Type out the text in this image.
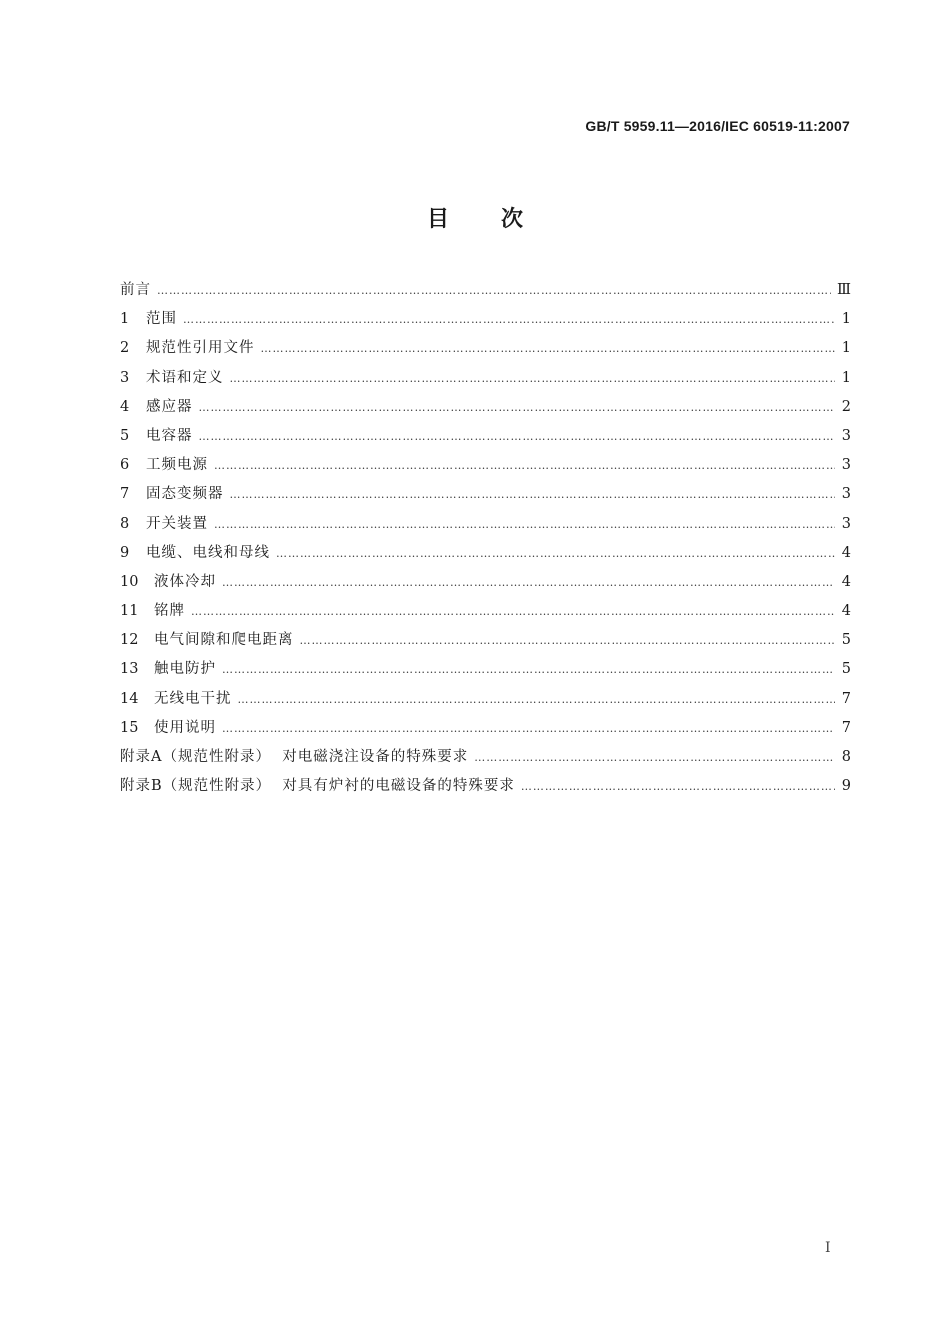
GB/T 5959.11—2016/IEC 60519-11:2007
目 次
前言 ………………………………………………………………………………………………………………………………………………………………………………………………………………………………………………	Ⅲ
1	范围 ………………………………………………………………………………………………………………………………………………………………………………………………………………………………………………	1
2	规范性引用文件 ………………………………………………………………………………………………………………………………………………………………………………………………………………………………………………	1
3	术语和定义 ………………………………………………………………………………………………………………………………………………………………………………………………………………………………………………	1
4	感应器 ………………………………………………………………………………………………………………………………………………………………………………………………………………………………………………	2
5	电容器 ………………………………………………………………………………………………………………………………………………………………………………………………………………………………………………	3
6	工频电源 ………………………………………………………………………………………………………………………………………………………………………………………………………………………………………………	3
7	固态变频器 ………………………………………………………………………………………………………………………………………………………………………………………………………………………………………………	3
8	开关装置 ………………………………………………………………………………………………………………………………………………………………………………………………………………………………………………	3
9	电缆、电线和母线 ………………………………………………………………………………………………………………………………………………………………………………………………………………………………………………	4
10	液体冷却 ………………………………………………………………………………………………………………………………………………………………………………………………………………………………………………	4
11	铭牌 ………………………………………………………………………………………………………………………………………………………………………………………………………………………………………………	4
12	电气间隙和爬电距离 ………………………………………………………………………………………………………………………………………………………………………………………………………………………………………………	5
13	触电防护 ………………………………………………………………………………………………………………………………………………………………………………………………………………………………………………	5
14	无线电干扰 ………………………………………………………………………………………………………………………………………………………………………………………………………………………………………………	7
15	使用说明 ………………………………………………………………………………………………………………………………………………………………………………………………………………………………………………	7
附录A（规范性附录）  对电磁浇注设备的特殊要求 ………………………………………………………………………………………………………………………………………………………………………………………………………………………………………………	8
附录B（规范性附录）  对具有炉衬的电磁设备的特殊要求 ………………………………………………………………………………………………………………………………………………………………………………………………………………………………………………	9
I
